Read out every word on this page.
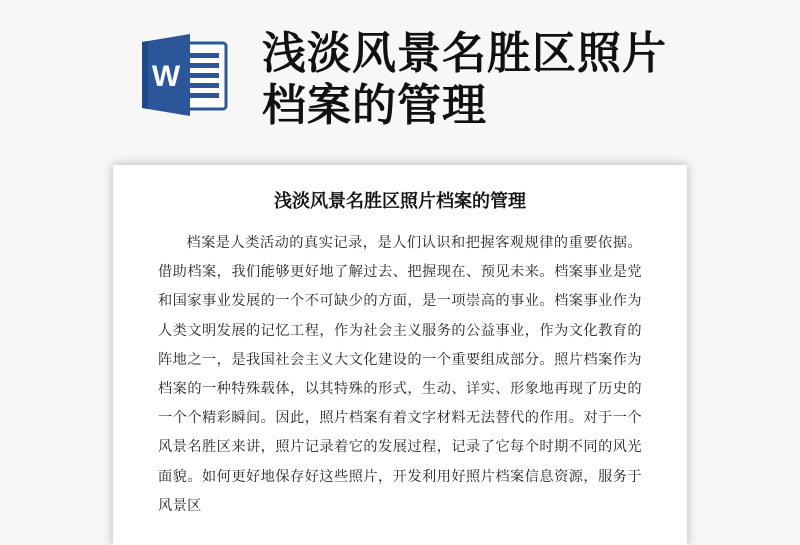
W 浅淡风景名胜区照片档案的管理
浅淡风景名胜区照片档案的管理

档案是人类活动的真实记录，是人们认识和把握客观规律的重要依据。借助档案，我们能够更好地了解过去、把握现在、预见未来。档案事业是党和国家事业发展的一个不可缺少的方面，是一项崇高的事业。档案事业作为人类文明发展的记忆工程，作为社会主义服务的公益事业，作为文化教育的阵地之一，是我国社会主义大文化建设的一个重要组成部分。照片档案作为档案的一种特殊载体，以其特殊的形式，生动、详实、形象地再现了历史的一个个精彩瞬间。因此，照片档案有着文字材料无法替代的作用。对于一个风景名胜区来讲，照片记录着它的发展过程，记录了它每个时期不同的风光面貌。如何更好地保存好这些照片，开发利用好照片档案信息资源，服务于风景区
